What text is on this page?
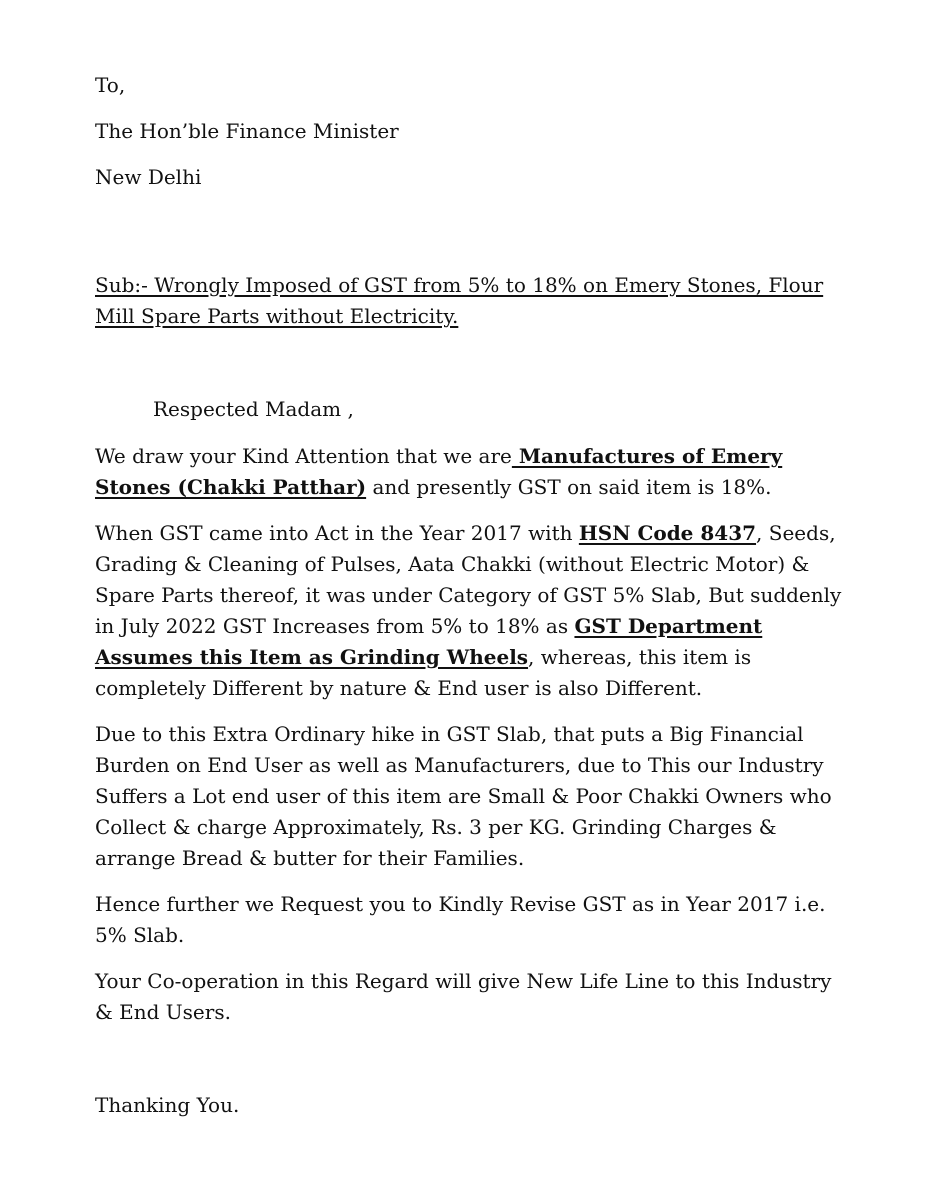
To,

The Hon’ble Finance Minister

New Delhi

Sub:- Wrongly Imposed of GST from 5% to 18% on Emery Stones, Flour

Mill Spare Parts without Electricity.

Respected Madam ,

We draw your Kind Attention that we are Manufactures of Emery

Stones (Chakki Patthar) and presently GST on said item is 18%.

When GST came into Act in the Year 2017 with HSN Code 8437, Seeds,

Grading & Cleaning of Pulses, Aata Chakki (without Electric Motor) &

Spare Parts thereof, it was under Category of GST 5% Slab, But suddenly

in July 2022 GST Increases from 5% to 18% as GST Department

Assumes this Item as Grinding Wheels, whereas, this item is

completely Different by nature & End user is also Different.

Due to this Extra Ordinary hike in GST Slab, that puts a Big Financial

Burden on End User as well as Manufacturers, due to This our Industry

Suffers a Lot end user of this item are Small & Poor Chakki Owners who

Collect & charge Approximately, Rs. 3 per KG. Grinding Charges &

arrange Bread & butter for their Families.

Hence further we Request you to Kindly Revise GST as in Year 2017 i.e.

5% Slab.

Your Co-operation in this Regard will give New Life Line to this Industry

& End Users.

Thanking You.
